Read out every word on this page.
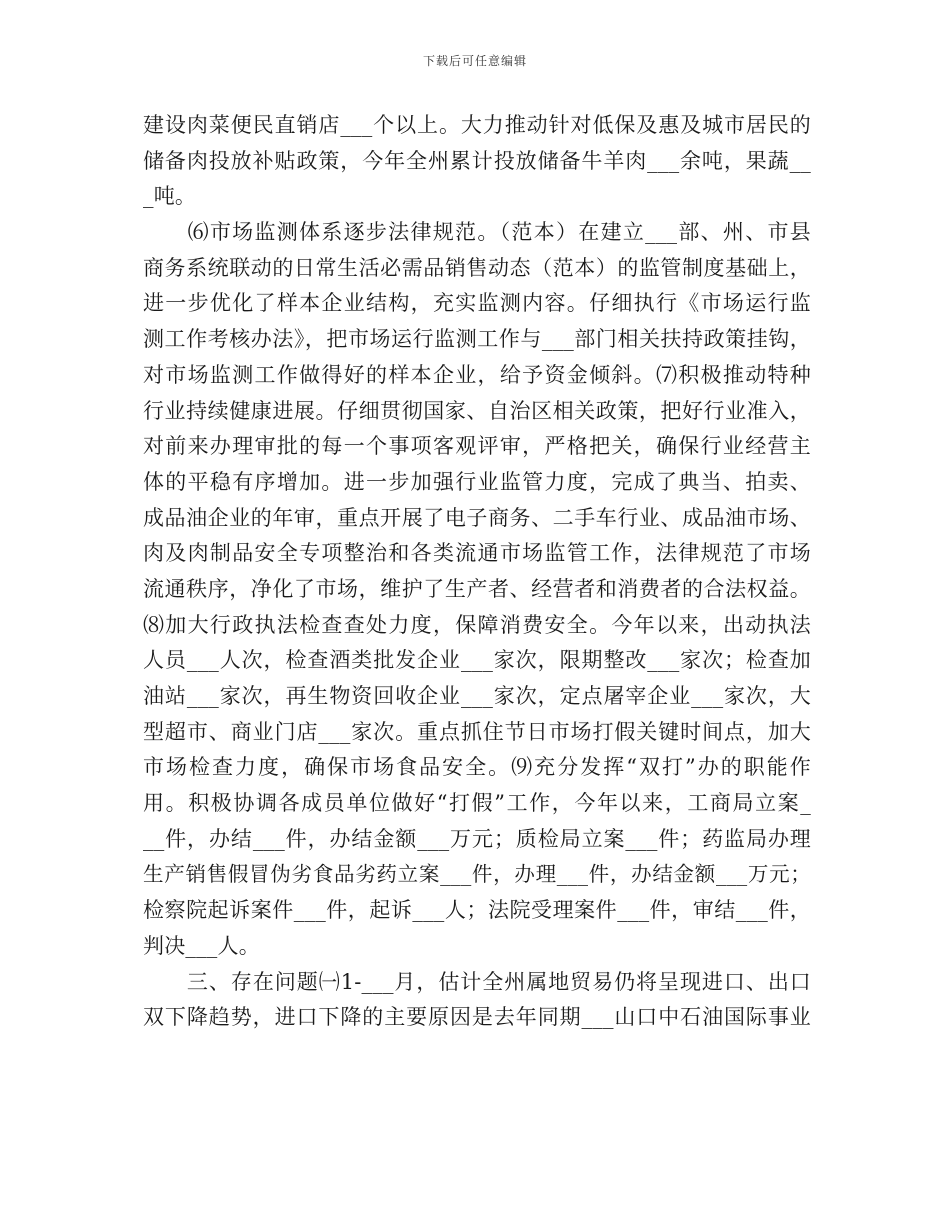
下载后可任意编辑
建设肉菜便民直销店___个以上。大力推动针对低保及惠及城市居民的
储备肉投放补贴政策，今年全州累计投放储备牛羊肉___余吨，果蔬__
_吨。
　　⑹市场监测体系逐步法律规范。（范本）在建立___部、州、市县
商务系统联动的日常生活必需品销售动态（范本）的监管制度基础上，
进一步优化了样本企业结构，充实监测内容。仔细执行《市场运行监
测工作考核办法》，把市场运行监测工作与___部门相关扶持政策挂钩，
对市场监测工作做得好的样本企业，给予资金倾斜。⑺积极推动特种
行业持续健康进展。仔细贯彻国家、自治区相关政策，把好行业准入，
对前来办理审批的每一个事项客观评审，严格把关，确保行业经营主
体的平稳有序增加。进一步加强行业监管力度，完成了典当、拍卖、
成品油企业的年审，重点开展了电子商务、二手车行业、成品油市场、
肉及肉制品安全专项整治和各类流通市场监管工作，法律规范了市场
流通秩序，净化了市场，维护了生产者、经营者和消费者的合法权益。
⑻加大行政执法检查查处力度，保障消费安全。今年以来，出动执法
人员___人次，检查酒类批发企业___家次，限期整改___家次；检查加
油站___家次，再生物资回收企业___家次，定点屠宰企业___家次，大
型超市、商业门店___家次。重点抓住节日市场打假关键时间点，加大
市场检查力度，确保市场食品安全。⑼充分发挥“双打”办的职能作
用。积极协调各成员单位做好“打假”工作，今年以来，工商局立案_
__件，办结___件，办结金额___万元；质检局立案___件；药监局办理
生产销售假冒伪劣食品劣药立案___件，办理___件，办结金额___万元；
检察院起诉案件___件，起诉___人；法院受理案件___件，审结___件，
判决___人。
　　三、存在问题㈠1-___月，估计全州属地贸易仍将呈现进口、出口
双下降趋势，进口下降的主要原因是去年同期___山口中石油国际事业
